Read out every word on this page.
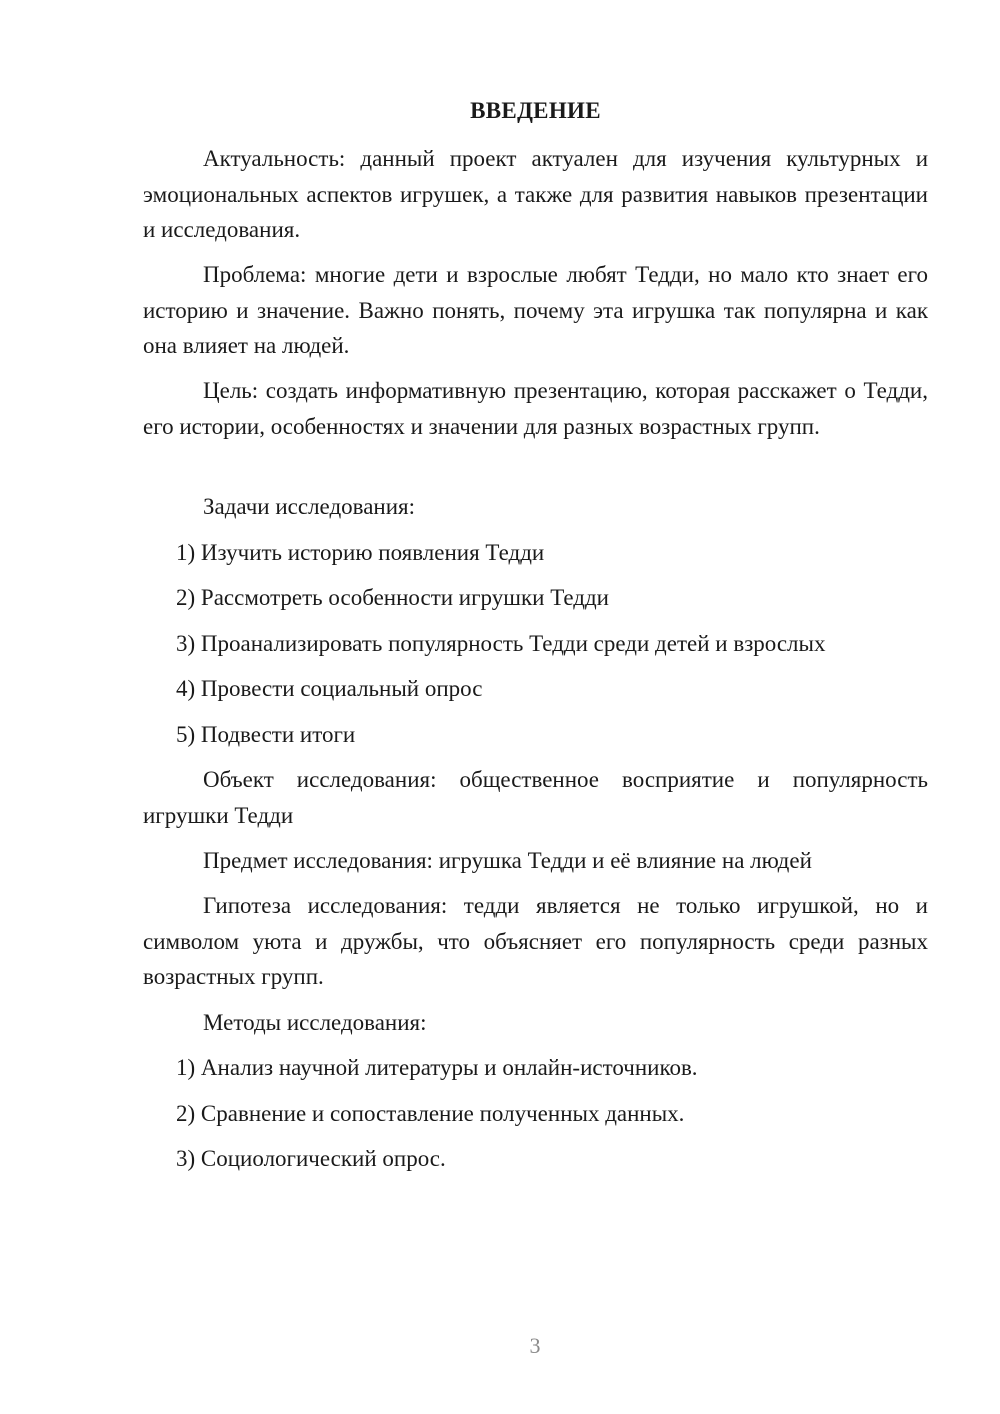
ВВЕДЕНИЕ

Актуальность: данный проект актуален для изучения культурных и эмоциональных аспектов игрушек, а также для развития навыков презентации и исследования.

Проблема: многие дети и взрослые любят Тедди, но мало кто знает его историю и значение. Важно понять, почему эта игрушка так популярна и как она влияет на людей.

Цель: создать информативную презентацию, которая расскажет о Тедди, его истории, особенностях и значении для разных возрастных групп.

Задачи исследования:

1) Изучить историю появления Тедди

2) Рассмотреть особенности игрушки Тедди

3) Проанализировать популярность Тедди среди детей и взрослых

4) Провести социальный опрос

5) Подвести итоги

Объект исследования: общественное восприятие и популярность игрушки Тедди

Предмет исследования: игрушка Тедди и её влияние на людей

Гипотеза исследования: тедди является не только игрушкой, но и символом уюта и дружбы, что объясняет его популярность среди разных возрастных групп.

Методы исследования:

1) Анализ научной литературы и онлайн-источников.

2) Сравнение и сопоставление полученных данных.

3) Социологический опрос.

3
